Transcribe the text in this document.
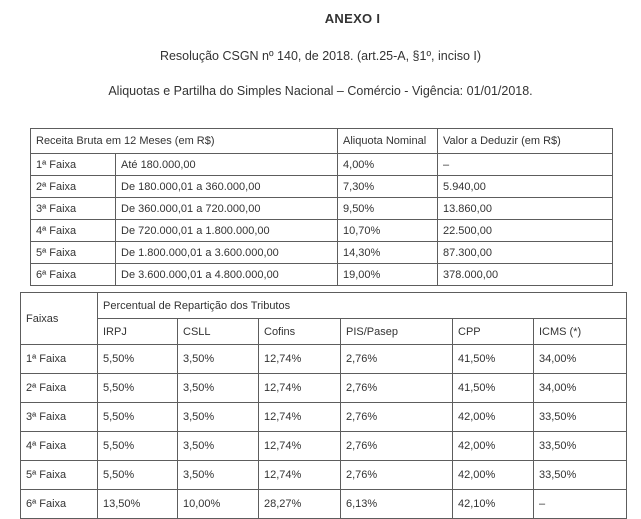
ANEXO I
Resolução CSGN nº 140, de 2018. (art.25-A, §1º, inciso I)
Aliquotas e Partilha do Simples Nacional – Comércio - Vigência: 01/01/2018.
Receita Bruta em 12 Meses (em R$)		Aliquota Nominal	Valor a Deduzir (em R$)
1ª Faixa	Até 180.000,00	4,00%	–
2ª Faixa	De 180.000,01 a 360.000,00	7,30%	5.940,00
3ª Faixa	De 360.000,01 a 720.000,00	9,50%	13.860,00
4ª Faixa	De 720.000,01 a 1.800.000,00	10,70%	22.500,00
5ª Faixa	De 1.800.000,01 a 3.600.000,00	14,30%	87.300,00
6ª Faixa	De 3.600.000,01 a 4.800.000,00	19,00%	378.000,00
Faixas	Percentual de Repartição dos Tributos					
	IRPJ	CSLL	Cofins	PIS/Pasep	CPP	ICMS (*)
1ª Faixa	5,50%	3,50%	12,74%	2,76%	41,50%	34,00%
2ª Faixa	5,50%	3,50%	12,74%	2,76%	41,50%	34,00%
3ª Faixa	5,50%	3,50%	12,74%	2,76%	42,00%	33,50%
4ª Faixa	5,50%	3,50%	12,74%	2,76%	42,00%	33,50%
5ª Faixa	5,50%	3,50%	12,74%	2,76%	42,00%	33,50%
6ª Faixa	13,50%	10,00%	28,27%	6,13%	42,10%	–
